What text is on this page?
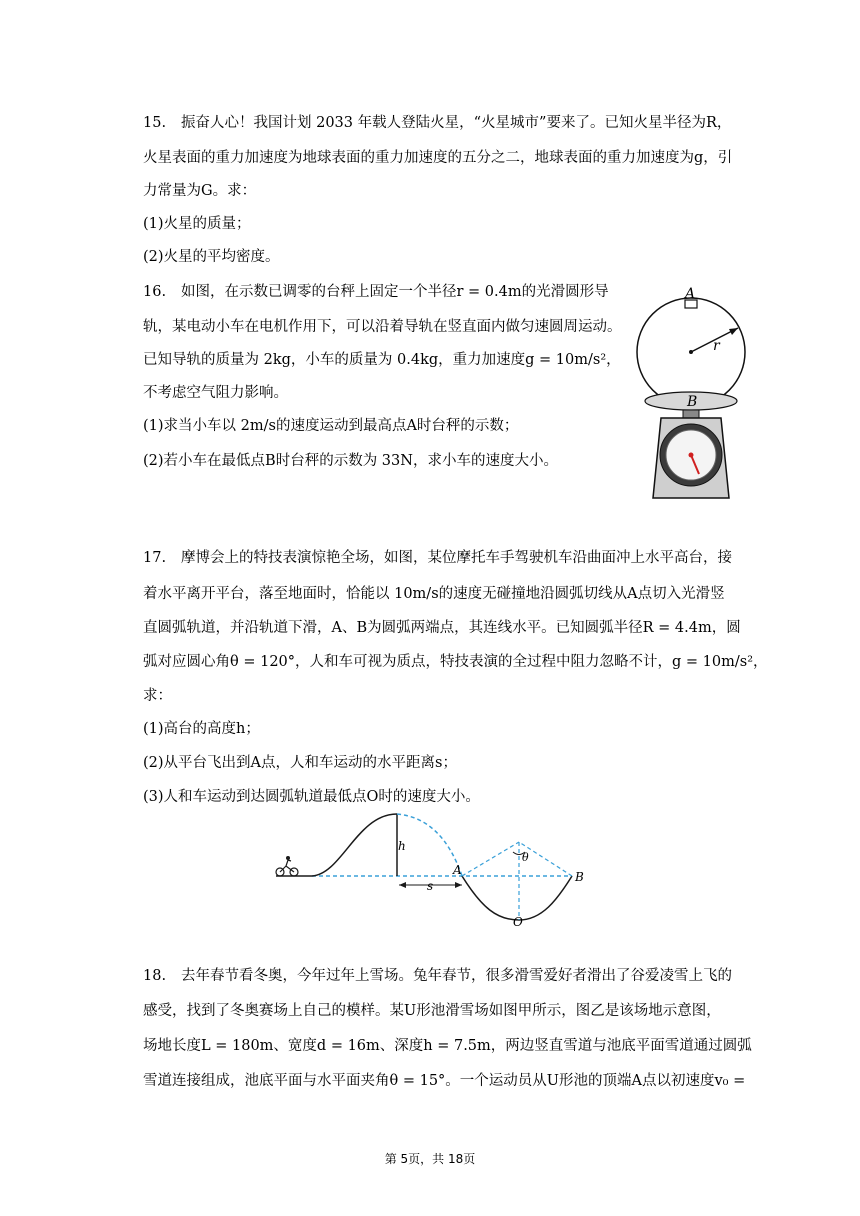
15. 振奋人心！我国计划 2033 年载人登陆火星，“火星城市”要来了。已知火星半径为R，
火星表面的重力加速度为地球表面的重力加速度的五分之二，地球表面的重力加速度为g，引
力常量为G。求：
(1)火星的质量；
(2)火星的平均密度。
16. 如图，在示数已调零的台秤上固定一个半径r = 0.4m的光滑圆形导
轨，某电动小车在电机作用下，可以沿着导轨在竖直面内做匀速圆周运动。
已知导轨的质量为 2kg，小车的质量为 0.4kg，重力加速度g = 10m/s²，
不考虑空气阻力影响。
(1)求当小车以 2m/s的速度运动到最高点A时台秤的示数；
(2)若小车在最低点B时台秤的示数为 33N，求小车的速度大小。
A
r
B
17. 摩博会上的特技表演惊艳全场，如图，某位摩托车手驾驶机车沿曲面冲上水平高台，接
着水平离开平台，落至地面时，恰能以 10m/s的速度无碰撞地沿圆弧切线从A点切入光滑竖
直圆弧轨道，并沿轨道下滑，A、B为圆弧两端点，其连线水平。已知圆弧半径R = 4.4m，圆
弧对应圆心角θ = 120°，人和车可视为质点，特技表演的全过程中阻力忽略不计，g = 10m/s²，
求：
(1)高台的高度h；
(2)从平台飞出到A点，人和车运动的水平距离s；
(3)人和车运动到达圆弧轨道最低点O时的速度大小。
h
s
θ
A	B
O
18. 去年春节看冬奥，今年过年上雪场。兔年春节，很多滑雪爱好者滑出了谷爱凌雪上飞的
感受，找到了冬奥赛场上自己的模样。某U形池滑雪场如图甲所示，图乙是该场地示意图，
场地长度L = 180m、宽度d = 16m、深度h = 7.5m，两边竖直雪道与池底平面雪道通过圆弧
雪道连接组成，池底平面与水平面夹角θ = 15°。一个运动员从U形池的顶端A点以初速度v₀ =
第 5页，共 18页
